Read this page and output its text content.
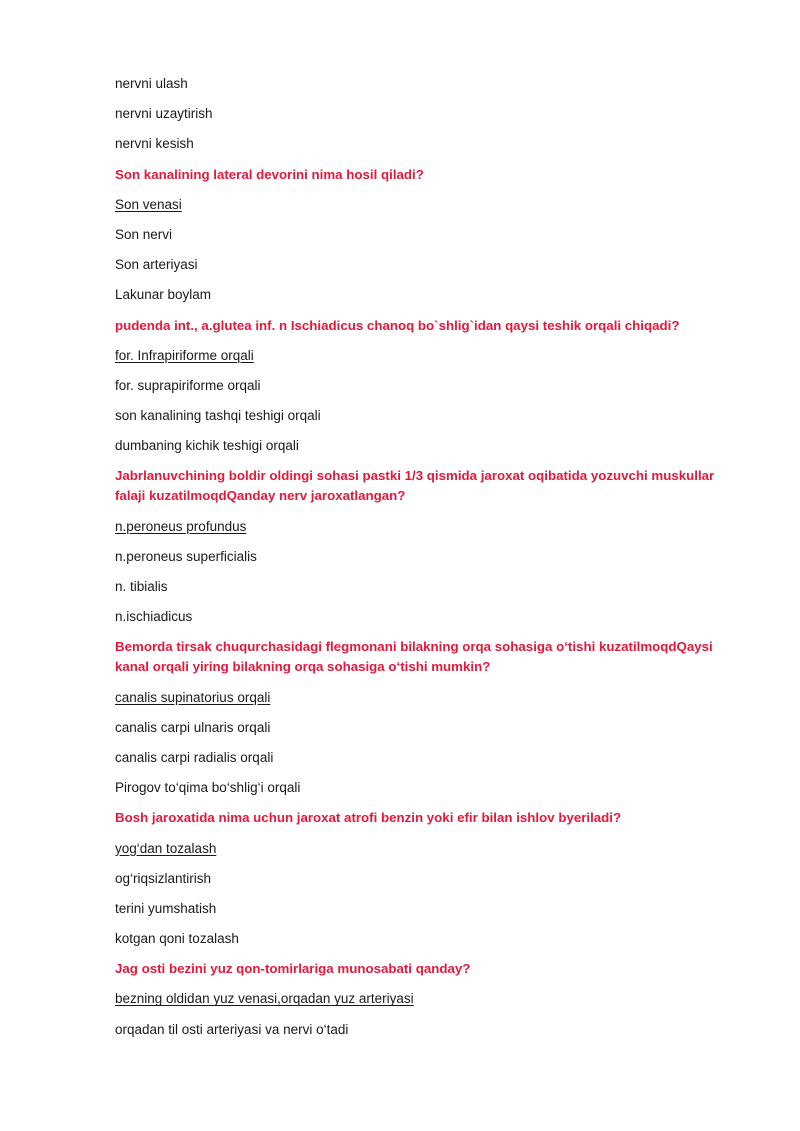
nervni ulash
nervni uzaytirish
nervni kesish
Son kanalining lateral devorini nima hosil qiladi?
Son venasi
Son nervi
Son arteriyasi
Lakunar boylam
pudenda int., a.glutea inf. n Ischiadicus chanoq bo`shlig`idan qaysi teshik orqali chiqadi?
for. Infrapiriforme orqali
for. suprapiriforme orqali
son kanalining tashqi teshigi orqali
dumbaning kichik teshigi orqali
Jabrlanuvchining boldir oldingi sohasi pastki 1/3 qismida jaroxat oqibatida yozuvchi muskullar falaji kuzatilmoqdQanday nerv jaroxatlangan?
n.peroneus profundus
n.peroneus superficialis
n. tibialis
n.ischiadicus
Bemorda tirsak chuqurchasidagi flegmonani bilakning orqa sohasiga o‘tishi kuzatilmoqdQaysi kanal orqali yiring bilakning orqa sohasiga o‘tishi mumkin?
canalis supinatorius orqali
canalis carpi ulnaris orqali
canalis carpi radialis orqali
Pirogov to‘qima bo‘shlig‘i orqali
Bosh jaroxatida nima uchun jaroxat atrofi benzin yoki efir bilan ishlov byeriladi?
yog‘dan tozalash
og‘riqsizlantirish
terini yumshatish
kotgan qoni tozalash
Jag osti bezini yuz qon-tomirlariga munosabati qanday?
bezning oldidan yuz venasi,orqadan yuz arteriyasi
orqadan til osti arteriyasi va nervi o‘tadi
